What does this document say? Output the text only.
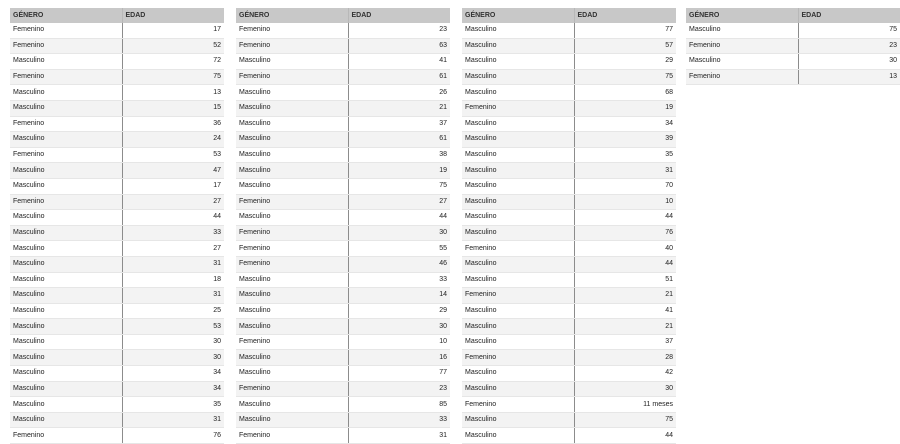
GÉNERO	EDAD
Femenino	17
Femenino	52
Masculino	72
Femenino	75
Masculino	13
Masculino	15
Femenino	36
Masculino	24
Femenino	53
Masculino	47
Masculino	17
Femenino	27
Masculino	44
Masculino	33
Masculino	27
Masculino	31
Masculino	18
Masculino	31
Masculino	25
Masculino	53
Masculino	30
Masculino	30
Masculino	34
Masculino	34
Masculino	35
Masculino	31
Femenino	76
GÉNERO	EDAD
Femenino	23
Femenino	63
Masculino	41
Femenino	61
Masculino	26
Masculino	21
Masculino	37
Masculino	61
Masculino	38
Masculino	19
Masculino	75
Femenino	27
Masculino	44
Femenino	30
Femenino	55
Femenino	46
Masculino	33
Masculino	14
Masculino	29
Masculino	30
Femenino	10
Masculino	16
Masculino	77
Femenino	23
Masculino	85
Masculino	33
Femenino	31
GÉNERO	EDAD
Masculino	77
Masculino	57
Masculino	29
Masculino	75
Masculino	68
Femenino	19
Masculino	34
Masculino	39
Masculino	35
Masculino	31
Masculino	70
Masculino	10
Masculino	44
Masculino	76
Femenino	40
Masculino	44
Masculino	51
Femenino	21
Masculino	41
Masculino	21
Masculino	37
Femenino	28
Masculino	42
Masculino	30
Femenino	11 meses
Masculino	75
Masculino	44
GÉNERO	EDAD
Masculino	75
Femenino	23
Masculino	30
Femenino	13
